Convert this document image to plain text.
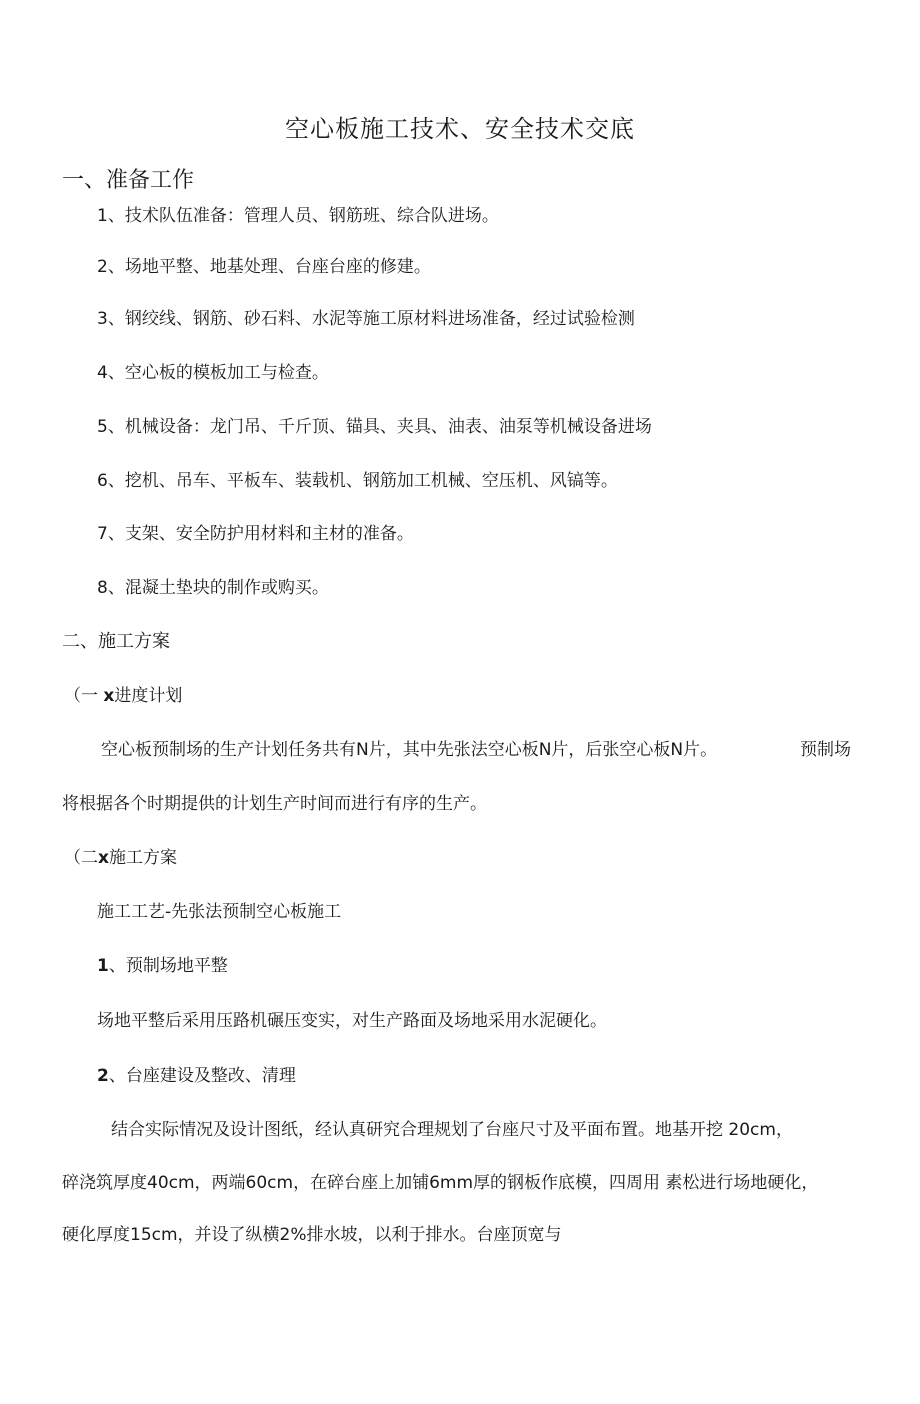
空心板施工技术、安全技术交底
一、准备工作
1、技术队伍准备：管理人员、钢筋班、综合队进场。
2、场地平整、地基处理、台座台座的修建。
3、钢绞线、钢筋、砂石料、水泥等施工原材料进场准备，经过试验检测
4、空心板的模板加工与检查。
5、机械设备：龙门吊、千斤顶、锚具、夹具、油表、油泵等机械设备进场
6、挖机、吊车、平板车、装载机、钢筋加工机械、空压机、风镐等。
7、支架、安全防护用材料和主材的准备。
8、混凝土垫块的制作或购买。
二、施工方案
（一 x进度计划
空心板预制场的生产计划任务共有N片，其中先张法空心板N片，后张空心板N片。	预制场
将根据各个时期提供的计划生产时间而进行有序的生产。
（二x施工方案
施工工艺-先张法预制空心板施工
1、预制场地平整
场地平整后采用压路机碾压变实，对生产路面及场地采用水泥硬化。
2、台座建设及整改、清理
结合实际情况及设计图纸，经认真研究合理规划了台座尺寸及平面布置。地基开挖 20cm，
碎浇筑厚度40cm，两端60cm，在碎台座上加铺6mm厚的钢板作底模，四周用 素松进行场地硬化，
硬化厚度15cm，并设了纵横2%排水坡，以利于排水。台座顶宽与
